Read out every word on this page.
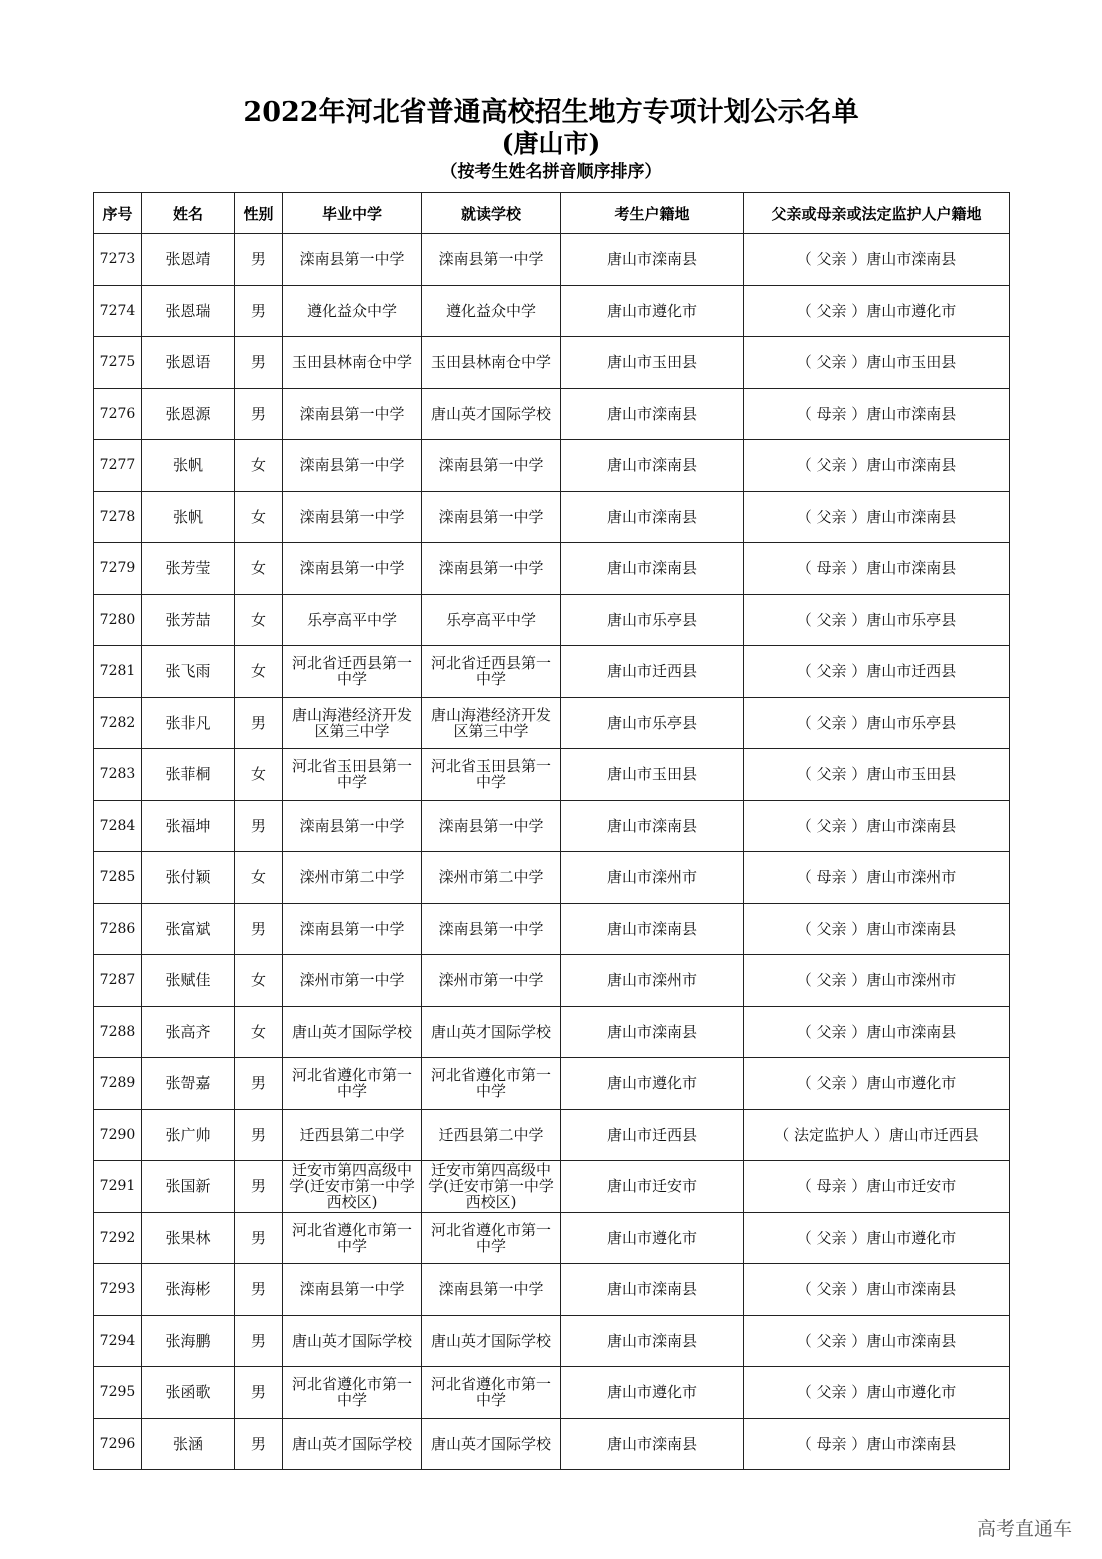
2022年河北省普通高校招生地方专项计划公示名单
(唐山市)
（按考生姓名拼音顺序排序）
序号	姓名	性别	毕业中学	就读学校	考生户籍地	父亲或母亲或法定监护人户籍地
7273	张恩靖	男	滦南县第一中学	滦南县第一中学	唐山市滦南县	（ 父亲 ）唐山市滦南县
7274	张恩瑞	男	遵化益众中学	遵化益众中学	唐山市遵化市	（ 父亲 ）唐山市遵化市
7275	张恩语	男	玉田县林南仓中学	玉田县林南仓中学	唐山市玉田县	（ 父亲 ）唐山市玉田县
7276	张恩源	男	滦南县第一中学	唐山英才国际学校	唐山市滦南县	（ 母亲 ）唐山市滦南县
7277	张帆	女	滦南县第一中学	滦南县第一中学	唐山市滦南县	（ 父亲 ）唐山市滦南县
7278	张帆	女	滦南县第一中学	滦南县第一中学	唐山市滦南县	（ 父亲 ）唐山市滦南县
7279	张芳莹	女	滦南县第一中学	滦南县第一中学	唐山市滦南县	（ 母亲 ）唐山市滦南县
7280	张芳喆	女	乐亭高平中学	乐亭高平中学	唐山市乐亭县	（ 父亲 ）唐山市乐亭县
7281	张飞雨	女	河北省迁西县第一中学	河北省迁西县第一中学	唐山市迁西县	（ 父亲 ）唐山市迁西县
7282	张非凡	男	唐山海港经济开发区第三中学	唐山海港经济开发区第三中学	唐山市乐亭县	（ 父亲 ）唐山市乐亭县
7283	张菲桐	女	河北省玉田县第一中学	河北省玉田县第一中学	唐山市玉田县	（ 父亲 ）唐山市玉田县
7284	张福坤	男	滦南县第一中学	滦南县第一中学	唐山市滦南县	（ 父亲 ）唐山市滦南县
7285	张付颖	女	滦州市第二中学	滦州市第二中学	唐山市滦州市	（ 母亲 ）唐山市滦州市
7286	张富斌	男	滦南县第一中学	滦南县第一中学	唐山市滦南县	（ 父亲 ）唐山市滦南县
7287	张赋佳	女	滦州市第一中学	滦州市第一中学	唐山市滦州市	（ 父亲 ）唐山市滦州市
7288	张高齐	女	唐山英才国际学校	唐山英才国际学校	唐山市滦南县	（ 父亲 ）唐山市滦南县
7289	张哿嘉	男	河北省遵化市第一中学	河北省遵化市第一中学	唐山市遵化市	（ 父亲 ）唐山市遵化市
7290	张广帅	男	迁西县第二中学	迁西县第二中学	唐山市迁西县	（ 法定监护人 ）唐山市迁西县
7291	张国新	男	迁安市第四高级中学(迁安市第一中学西校区)	迁安市第四高级中学(迁安市第一中学西校区)	唐山市迁安市	（ 母亲 ）唐山市迁安市
7292	张果林	男	河北省遵化市第一中学	河北省遵化市第一中学	唐山市遵化市	（ 父亲 ）唐山市遵化市
7293	张海彬	男	滦南县第一中学	滦南县第一中学	唐山市滦南县	（ 父亲 ）唐山市滦南县
7294	张海鹏	男	唐山英才国际学校	唐山英才国际学校	唐山市滦南县	（ 父亲 ）唐山市滦南县
7295	张函歌	男	河北省遵化市第一中学	河北省遵化市第一中学	唐山市遵化市	（ 父亲 ）唐山市遵化市
7296	张涵	男	唐山英才国际学校	唐山英才国际学校	唐山市滦南县	（ 母亲 ）唐山市滦南县
高考直通车
